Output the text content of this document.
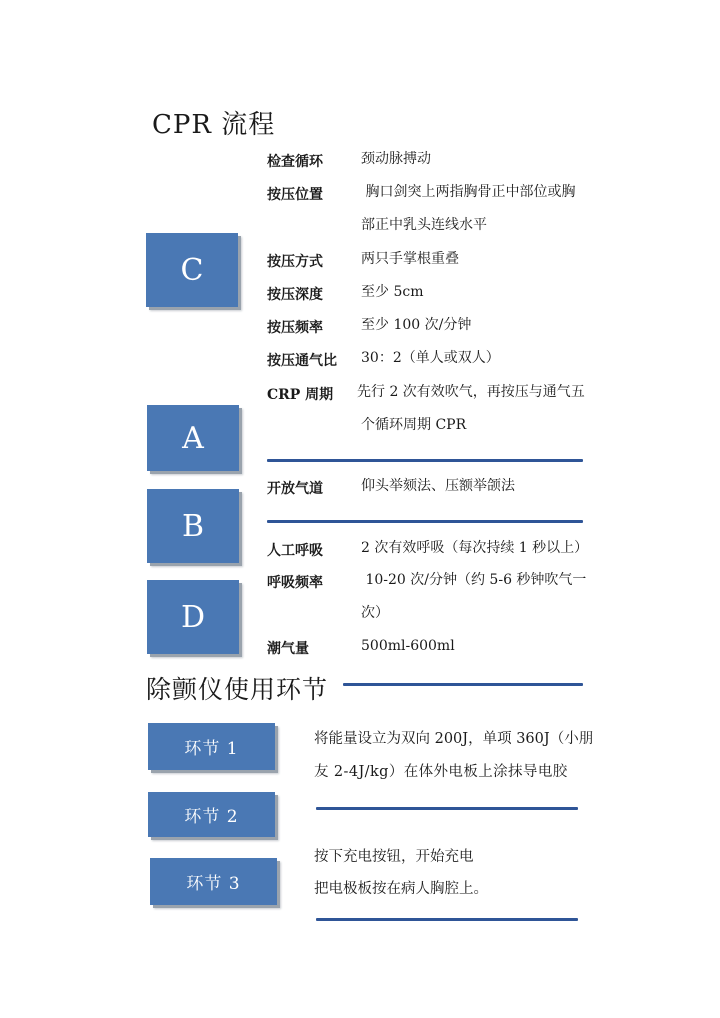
CPR 流程
C
A
B
D
检查循环	颈动脉搏动
按压位置	胸口剑突上两指胸骨正中部位或胸
部正中乳头连线水平
按压方式	两只手掌根重叠
按压深度	至少 5cm
按压频率	至少 100 次/分钟
按压通气比 30：2（单人或双人）
CRP 周期 先行 2 次有效吹气，再按压与通气五
个循环周期 CPR
开放气道	仰头举颏法、压额举颌法
人工呼吸	2 次有效呼吸（每次持续 1 秒以上）
呼吸频率	10-20 次/分钟（约 5-6 秒钟吹气一
次）
潮气量	500ml-600ml
除颤仪使用环节
环节 1
环节 2
环节 3
将能量设立为双向 200J，单项 360J（小朋
友 2-4J/kg）在体外电板上涂抹导电胶
按下充电按钮，开始充电
把电极板按在病人胸腔上。
